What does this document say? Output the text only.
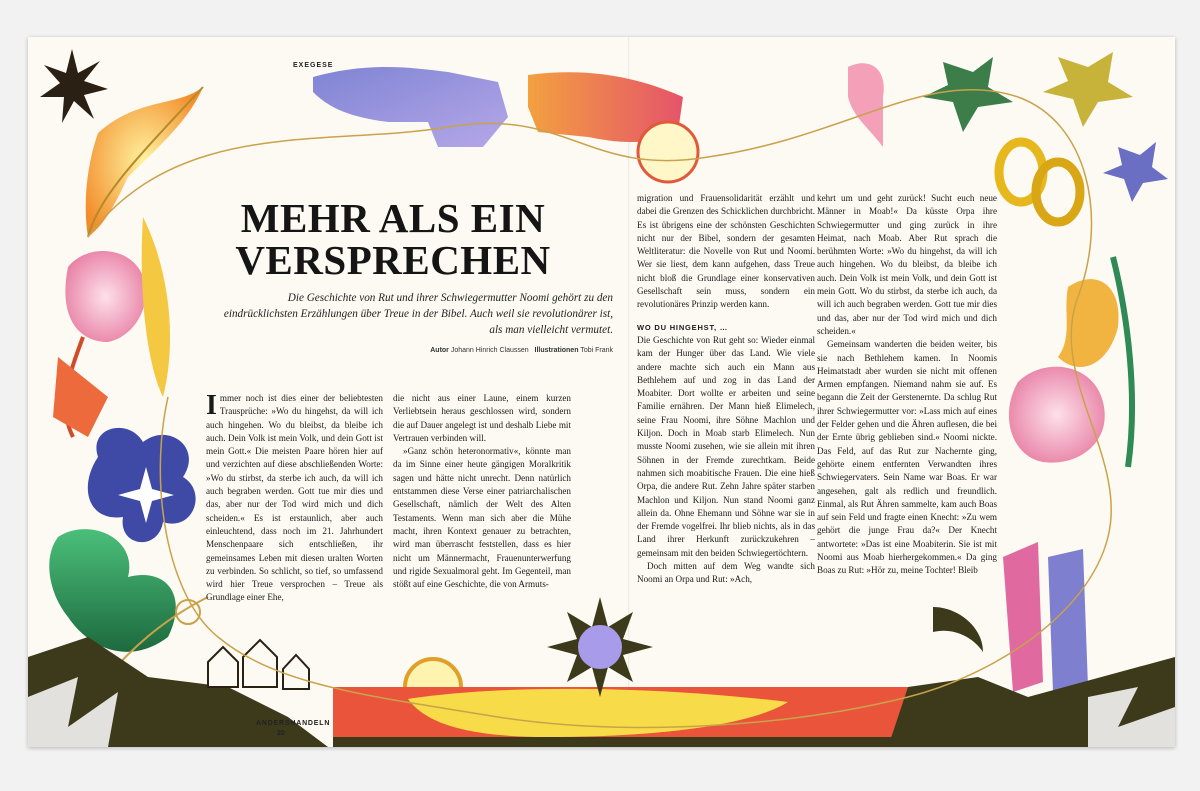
EXEGESE
MEHR ALS EIN VERSPRECHEN

Die Geschichte von Rut und ihrer Schwiegermutter Noomi gehört zu den eindrücklichsten Erzählungen über Treue in der Bibel. Auch weil sie revolutionärer ist, als man vielleicht vermutet.

Autor Johann Hinrich Claussen Illustrationen Tobi Frank

Immer noch ist dies einer der beliebtesten Trausprüche: »Wo du hingehst, da will ich auch hingehen. Wo du bleibst, da bleibe ich auch. Dein Volk ist mein Volk, und dein Gott ist mein Gott.« Die meisten Paare hören hier auf und verzichten auf diese abschließenden Worte: »Wo du stirbst, da sterbe ich auch, da will ich auch begraben werden. Gott tue mir dies und das, aber nur der Tod wird mich und dich scheiden.« Es ist erstaunlich, aber auch einleuchtend, dass noch im 21. Jahrhundert Menschenpaare sich entschließen, ihr gemeinsames Leben mit diesen uralten Worten zu verbinden. So schlicht, so tief, so umfassend wird hier Treue versprochen – Treue als Grundlage einer Ehe,

die nicht aus einer Laune, einem kurzen Verliebtsein heraus geschlossen wird, sondern die auf Dauer angelegt ist und deshalb Liebe mit Vertrauen verbinden will.

»Ganz schön heteronormativ«, könnte man da im Sinne einer heute gängigen Moralkritik sagen und hätte nicht unrecht. Denn natürlich entstammen diese Verse einer patriarchalischen Gesellschaft, nämlich der Welt des Alten Testaments. Wenn man sich aber die Mühe macht, ihren Kontext genauer zu betrachten, wird man überrascht feststellen, dass es hier nicht um Männermacht, Frauenunterwerfung und rigide Sexualmoral geht. Im Gegenteil, man stößt auf eine Geschichte, die von Armuts-

migration und Frauensolidarität erzählt und dabei die Grenzen des Schicklichen durchbricht. Es ist übrigens eine der schönsten Geschichten nicht nur der Bibel, sondern der gesamten Weltliteratur: die Novelle von Rut und Noomi. Wer sie liest, dem kann aufgehen, dass Treue nicht bloß die Grundlage einer konservativen Gesellschaft sein muss, sondern ein revolutionäres Prinzip werden kann.

WO DU HINGEHST, …

Die Geschichte von Rut geht so: Wieder einmal kam der Hunger über das Land. Wie viele andere machte sich auch ein Mann aus Bethlehem auf und zog in das Land der Moabiter. Dort wollte er arbeiten und seine Familie ernähren. Der Mann hieß Elimelech, seine Frau Noomi, ihre Söhne Machlon und Kiljon. Doch in Moab starb Elimelech. Nun musste Noomi zusehen, wie sie allein mit ihren Söhnen in der Fremde zurechtkam. Beide nahmen sich moabitische Frauen. Die eine hieß Orpa, die andere Rut. Zehn Jahre später starben Machlon und Kiljon. Nun stand Noomi ganz allein da. Ohne Ehemann und Söhne war sie in der Fremde vogelfrei. Ihr blieb nichts, als in das Land ihrer Herkunft zurückzukehren – gemeinsam mit den beiden Schwiegertöchtern.

Doch mitten auf dem Weg wandte sich Noomi an Orpa und Rut: »Ach,

kehrt um und geht zurück! Sucht euch neue Männer in Moab!« Da küsste Orpa ihre Schwiegermutter und ging zurück in ihre Heimat, nach Moab. Aber Rut sprach die berühmten Worte: »Wo du hingehst, da will ich auch hingehen. Wo du bleibst, da bleibe ich auch. Dein Volk ist mein Volk, und dein Gott ist mein Gott. Wo du stirbst, da sterbe ich auch, da will ich auch begraben werden. Gott tue mir dies und das, aber nur der Tod wird mich und dich scheiden.«

Gemeinsam wanderten die beiden weiter, bis sie nach Bethlehem kamen. In Noomis Heimatstadt aber wurden sie nicht mit offenen Armen empfangen. Niemand nahm sie auf. Es begann die Zeit der Gerstenernte. Da schlug Rut ihrer Schwiegermutter vor: »Lass mich auf eines der Felder gehen und die Ähren auflesen, die bei der Ernte übrig geblieben sind.« Noomi nickte. Das Feld, auf das Rut zur Nachernte ging, gehörte einem entfernten Verwandten ihres Schwiegervaters. Sein Name war Boas. Er war angesehen, galt als redlich und freundlich. Einmal, als Rut Ähren sammelte, kam auch Boas auf sein Feld und fragte einen Knecht: »Zu wem gehört die junge Frau da?« Der Knecht antwortete: »Das ist eine Moabiterin. Sie ist mit Noomi aus Moab hierhergekommen.« Da ging Boas zu Rut: »Hör zu, meine Tochter! Bleib

ANDERSHANDELN
20
